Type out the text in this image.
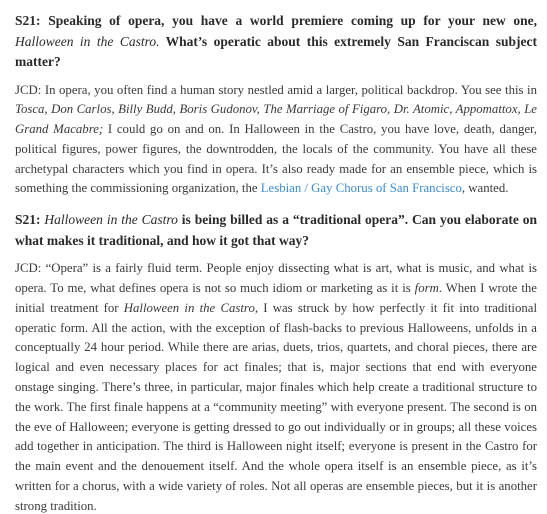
S21: Speaking of opera, you have a world premiere coming up for your new one, Halloween in the Castro. What’s operatic about this extremely San Franciscan subject matter?

JCD: In opera, you often find a human story nestled amid a larger, political backdrop. You see this in Tosca, Don Carlos, Billy Budd, Boris Gudonov, The Marriage of Figaro, Dr. Atomic, Appomattox, Le Grand Macabre; I could go on and on. In Halloween in the Castro, you have love, death, danger, political figures, power figures, the downtrodden, the locals of the community. You have all these archetypal characters which you find in opera. It’s also ready made for an ensemble piece, which is something the commissioning organization, the Lesbian / Gay Chorus of San Francisco, wanted.

S21: Halloween in the Castro is being billed as a “traditional opera”. Can you elaborate on what makes it traditional, and how it got that way?

JCD: “Opera” is a fairly fluid term. People enjoy dissecting what is art, what is music, and what is opera. To me, what defines opera is not so much idiom or marketing as it is form. When I wrote the initial treatment for Halloween in the Castro, I was struck by how perfectly it fit into traditional operatic form. All the action, with the exception of flash-backs to previous Halloweens, unfolds in a conceptually 24 hour period. While there are arias, duets, trios, quartets, and choral pieces, there are logical and even necessary places for act finales; that is, major sections that end with everyone onstage singing. There’s three, in particular, major finales which help create a traditional structure to the work. The first finale happens at a “community meeting” with everyone present. The second is on the eve of Halloween; everyone is getting dressed to go out individually or in groups; all these voices add together in anticipation. The third is Halloween night itself; everyone is present in the Castro for the main event and the denouement itself. And the whole opera itself is an ensemble piece, as it’s written for a chorus, with a wide variety of roles. Not all operas are ensemble pieces, but it is another strong tradition.
